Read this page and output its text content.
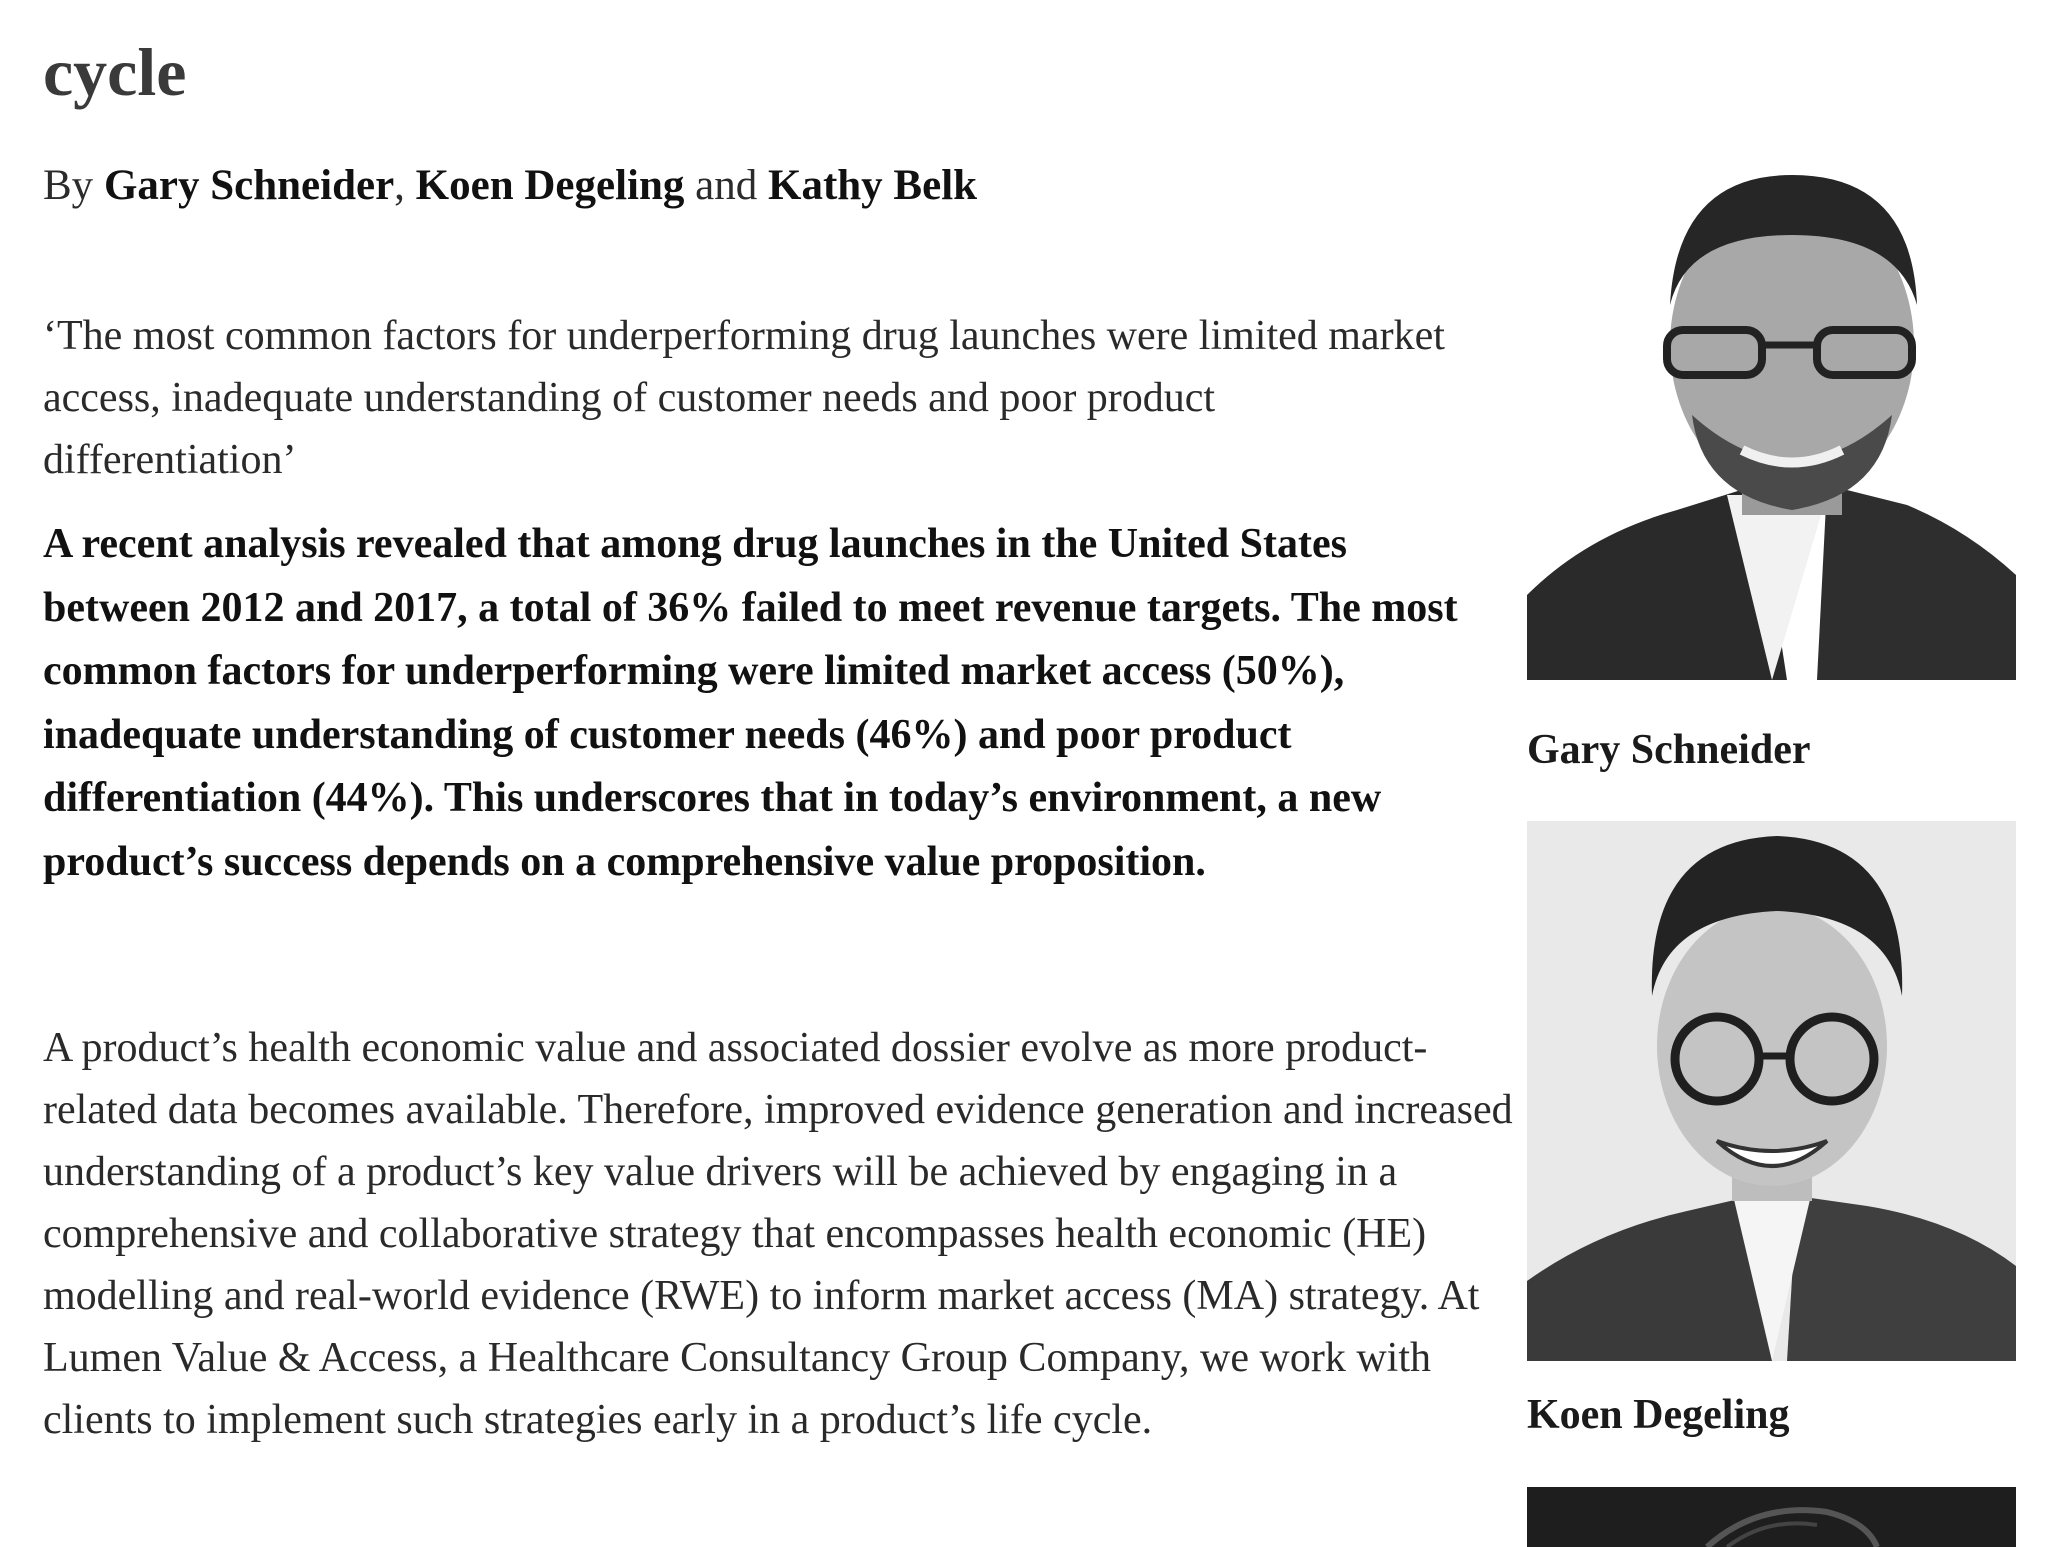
cycle
By Gary Schneider, Koen Degeling and Kathy Belk

‘The most common factors for underperforming drug launches were limited market access, inadequate understanding of customer needs and poor product differentiation’

A recent analysis revealed that among drug launches in the United States between 2012 and 2017, a total of 36% failed to meet revenue targets. The most common factors for underperforming were limited market access (50%), inadequate understanding of customer needs (46%) and poor product differentiation (44%). This underscores that in today’s environment, a new product’s success depends on a comprehensive value proposition.

A product’s health economic value and associated dossier evolve as more product-related data becomes available. Therefore, improved evidence generation and increased understanding of a product’s key value drivers will be achieved by engaging in a comprehensive and collaborative strategy that encompasses health economic (HE) modelling and real-world evidence (RWE) to inform market access (MA) strategy. At Lumen Value & Access, a Healthcare Consultancy Group Company, we work with clients to implement such strategies early in a product’s life cycle.

Gary Schneider
Koen Degeling
